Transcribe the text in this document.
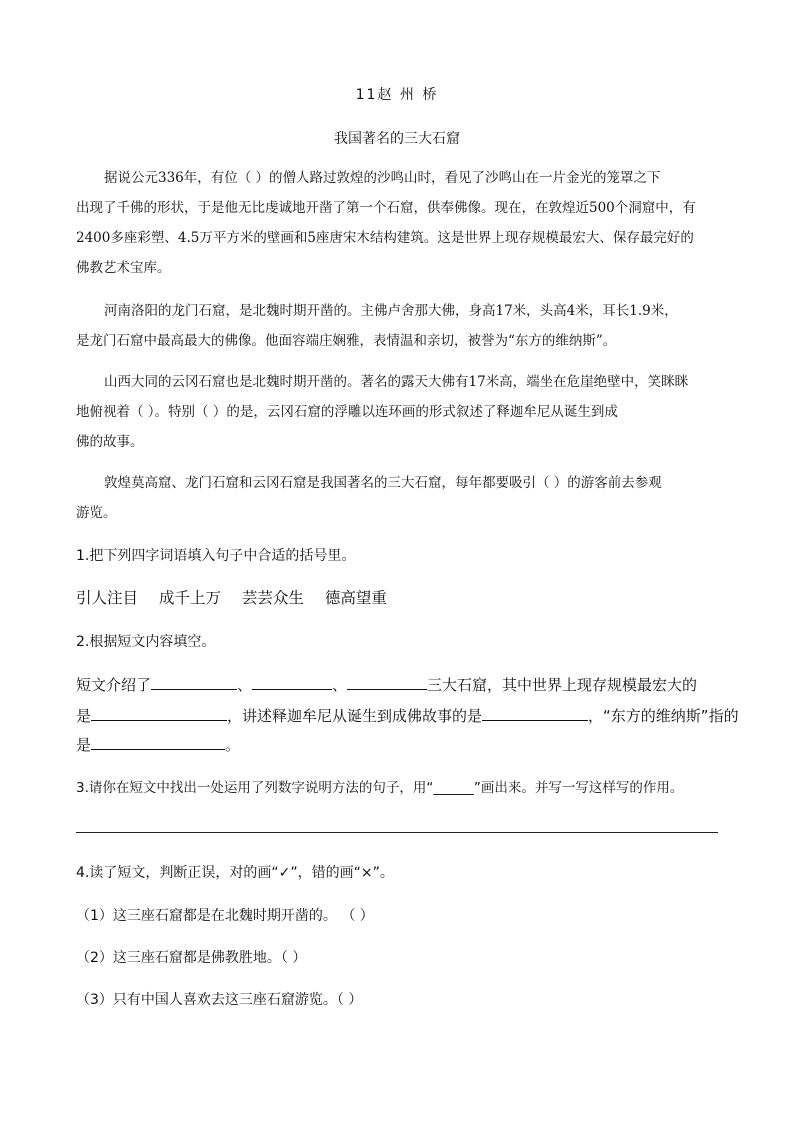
11赵 州 桥
我国著名的三大石窟
据说公元336年，有位（ ）的僧人路过敦煌的沙鸣山时，看见了沙鸣山在一片金光的笼罩之下
出现了千佛的形状，于是他无比虔诚地开凿了第一个石窟，供奉佛像。现在，在敦煌近500个洞窟中，有
2400多座彩塑、4.5万平方米的壁画和5座唐宋木结构建筑。这是世界上现存规模最宏大、保存最完好的
佛教艺术宝库。
河南洛阳的龙门石窟，是北魏时期开凿的。主佛卢舍那大佛，身高17米，头高4米，耳长1.9米，
是龙门石窟中最高最大的佛像。他面容端庄娴雅，表情温和亲切，被誉为“东方的维纳斯”。
山西大同的云冈石窟也是北魏时期开凿的。著名的露天大佛有17米高，端坐在危崖绝壁中，笑眯眯
地俯视着（ ）。特别（ ）的是，云冈石窟的浮雕以连环画的形式叙述了释迦牟尼从诞生到成
佛的故事。
敦煌莫高窟、龙门石窟和云冈石窟是我国著名的三大石窟，每年都要吸引（ ）的游客前去参观
游览。
1.把下列四字词语填入句子中合适的括号里。
引人注目 成千上万 芸芸众生 德高望重
2.根据短文内容填空。
短文介绍了	、	、	三大石窟，其中世界上现存规模最宏大的
是	，讲述释迦牟尼从诞生到成佛故事的是	，“东方的维纳斯”指的
是	。
3.请你在短文中找出一处运用了列数字说明方法的句子，用“______”画出来。并写一写这样写的作用。
4.读了短文，判断正误，对的画“✓”，错的画“×”。
（1）这三座石窟都是在北魏时期开凿的。 （ ）
（2）这三座石窟都是佛教胜地。（ ）
（3）只有中国人喜欢去这三座石窟游览。（ ）
